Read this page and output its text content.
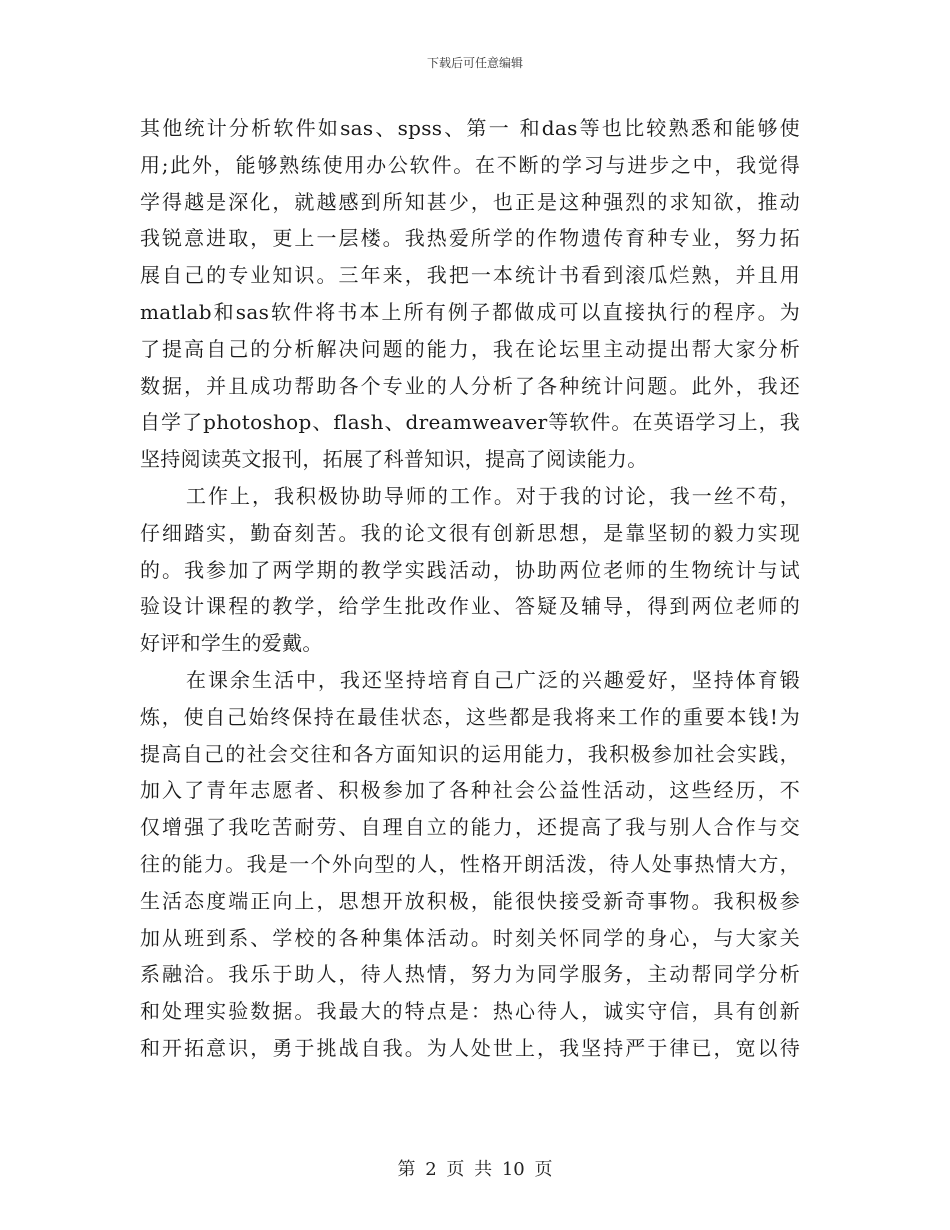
下载后可任意编辑
其他统计分析软件如sas、spss、第一 和das等也比较熟悉和能够使
用;此外，能够熟练使用办公软件。在不断的学习与进步之中，我觉得
学得越是深化，就越感到所知甚少，也正是这种强烈的求知欲，推动
我锐意进取，更上一层楼。我热爱所学的作物遗传育种专业，努力拓
展自己的专业知识。三年来，我把一本统计书看到滚瓜烂熟，并且用
matlab和sas软件将书本上所有例子都做成可以直接执行的程序。为
了提高自己的分析解决问题的能力，我在论坛里主动提出帮大家分析
数据，并且成功帮助各个专业的人分析了各种统计问题。此外，我还
自学了photoshop、flash、dreamweaver等软件。在英语学习上，我
坚持阅读英文报刊，拓展了科普知识，提高了阅读能力。
工作上，我积极协助导师的工作。对于我的讨论，我一丝不苟，
仔细踏实，勤奋刻苦。我的论文很有创新思想，是靠坚韧的毅力实现
的。我参加了两学期的教学实践活动，协助两位老师的生物统计与试
验设计课程的教学，给学生批改作业、答疑及辅导，得到两位老师的
好评和学生的爱戴。
在课余生活中，我还坚持培育自己广泛的兴趣爱好，坚持体育锻
炼，使自己始终保持在最佳状态，这些都是我将来工作的重要本钱!为
提高自己的社会交往和各方面知识的运用能力，我积极参加社会实践，
加入了青年志愿者、积极参加了各种社会公益性活动，这些经历，不
仅增强了我吃苦耐劳、自理自立的能力，还提高了我与别人合作与交
往的能力。我是一个外向型的人，性格开朗活泼，待人处事热情大方，
生活态度端正向上，思想开放积极，能很快接受新奇事物。我积极参
加从班到系、学校的各种集体活动。时刻关怀同学的身心，与大家关
系融洽。我乐于助人，待人热情，努力为同学服务，主动帮同学分析
和处理实验数据。我最大的特点是：热心待人，诚实守信，具有创新
和开拓意识，勇于挑战自我。为人处世上，我坚持严于律已，宽以待
第 2 页 共 10 页
